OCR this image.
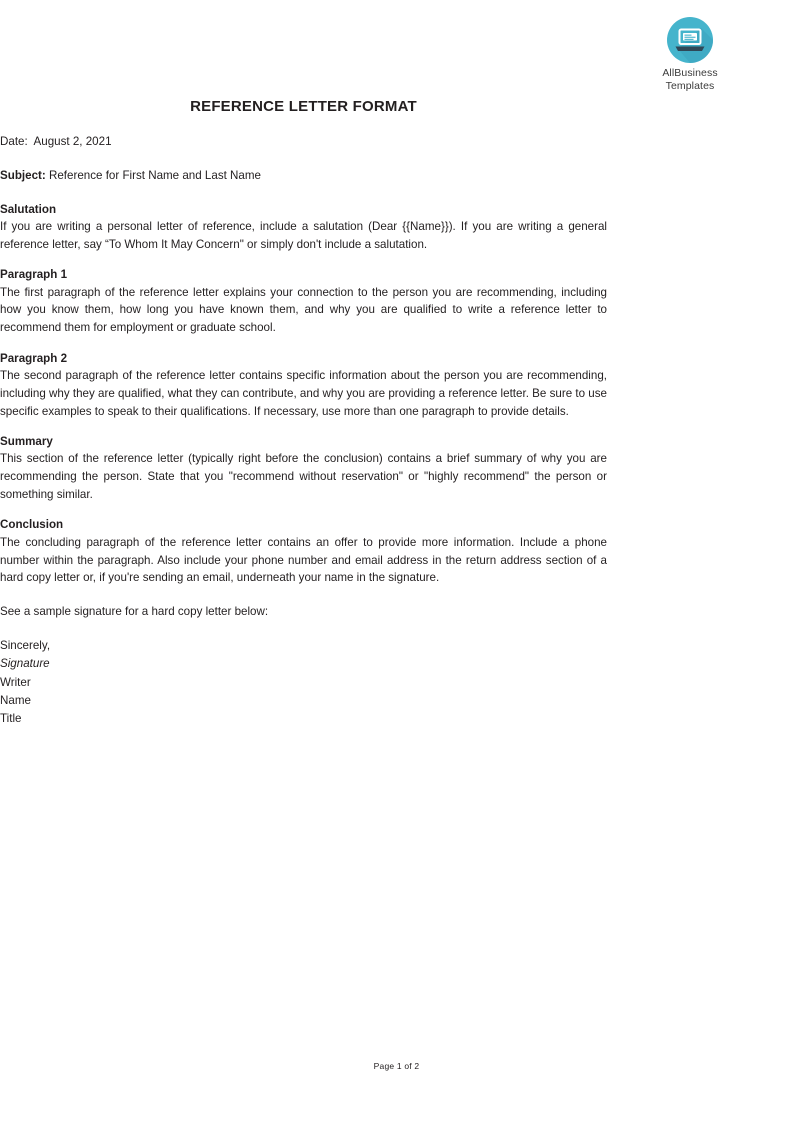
AllBusiness
Templates
REFERENCE LETTER FORMAT

Date: August 2, 2021

Subject: Reference for First Name and Last Name

Salutation

If you are writing a personal letter of reference, include a salutation (Dear {{Name}}). If you are writing a general reference letter, say “To Whom It May Concern" or simply don't include a salutation.

Paragraph 1

The first paragraph of the reference letter explains your connection to the person you are recommending, including how you know them, how long you have known them, and why you are qualified to write a reference letter to recommend them for employment or graduate school.

Paragraph 2

The second paragraph of the reference letter contains specific information about the person you are recommending, including why they are qualified, what they can contribute, and why you are providing a reference letter. Be sure to use specific examples to speak to their qualifications. If necessary, use more than one paragraph to provide details.

Summary

This section of the reference letter (typically right before the conclusion) contains a brief summary of why you are recommending the person. State that you "recommend without reservation" or "highly recommend" the person or something similar.

Conclusion

The concluding paragraph of the reference letter contains an offer to provide more information. Include a phone number within the paragraph. Also include your phone number and email address in the return address section of a hard copy letter or, if you're sending an email, underneath your name in the signature.

See a sample signature for a hard copy letter below:

Sincerely,

Signature

Writer

Name

Title

Page 1 of 2
